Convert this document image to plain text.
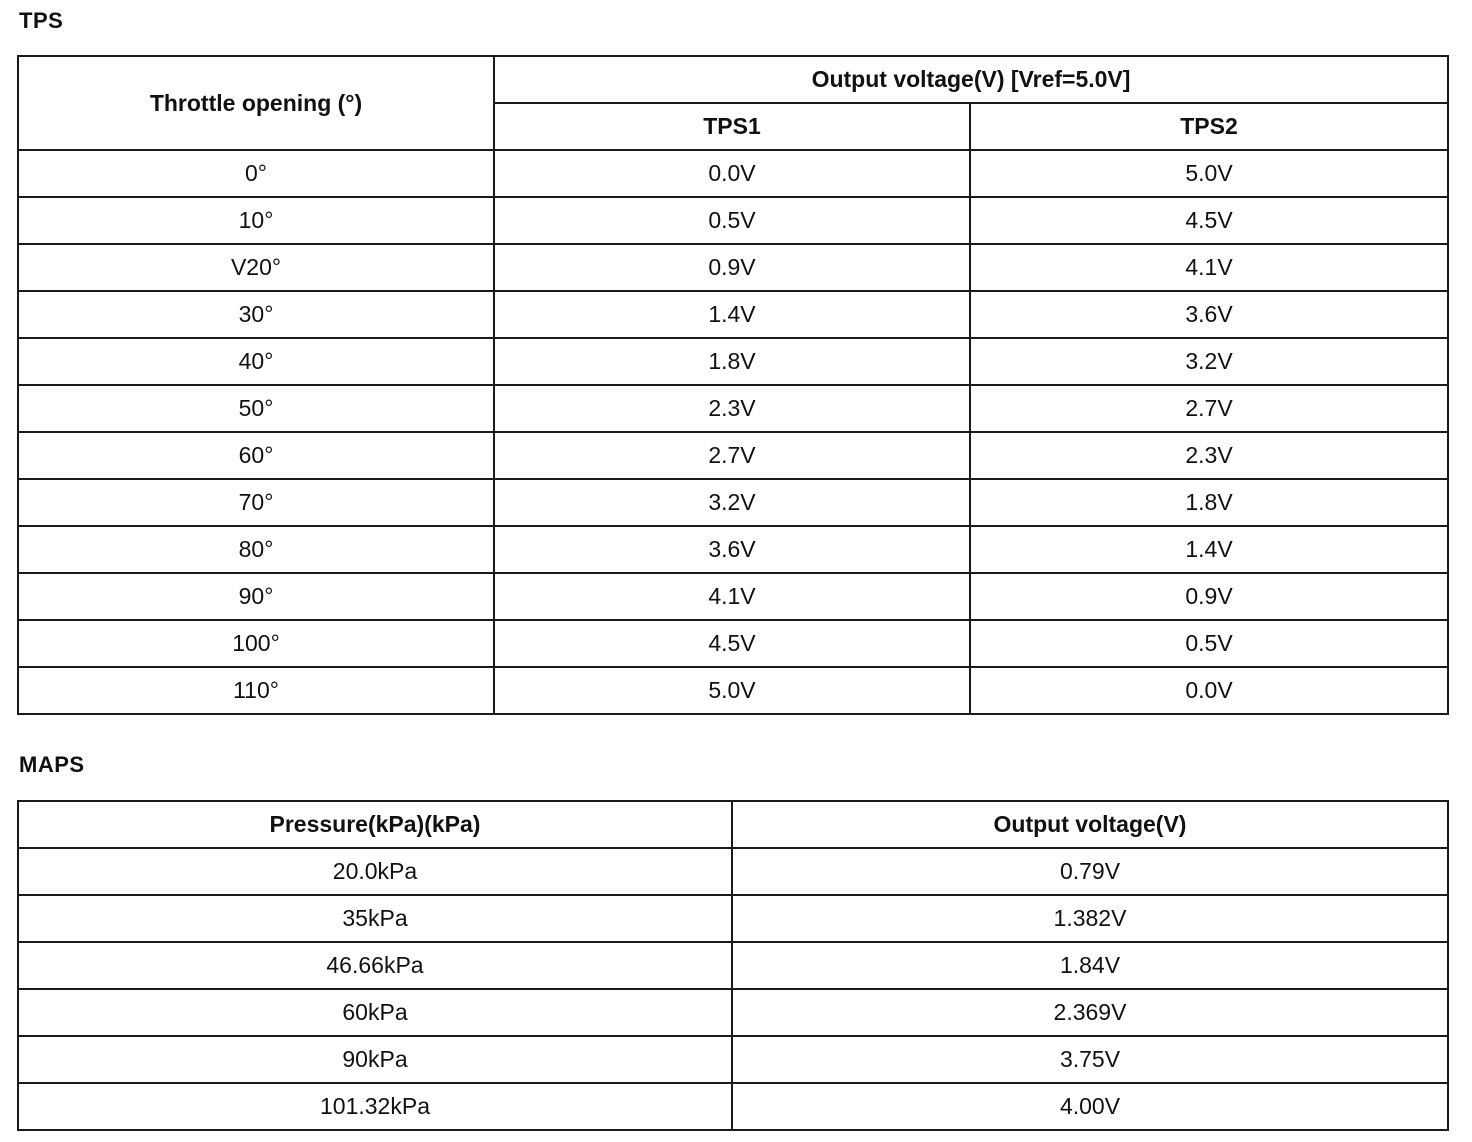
TPS
Throttle opening (°)	Output voltage(V) [Vref=5.0V]	
	TPS1	TPS2
0°	0.0V	5.0V
10°	0.5V	4.5V
V20°	0.9V	4.1V
30°	1.4V	3.6V
40°	1.8V	3.2V
50°	2.3V	2.7V
60°	2.7V	2.3V
70°	3.2V	1.8V
80°	3.6V	1.4V
90°	4.1V	0.9V
100°	4.5V	0.5V
110°	5.0V	0.0V
MAPS
Pressure(kPa)(kPa)	Output voltage(V)
20.0kPa	0.79V
35kPa	1.382V
46.66kPa	1.84V
60kPa	2.369V
90kPa	3.75V
101.32kPa	4.00V
